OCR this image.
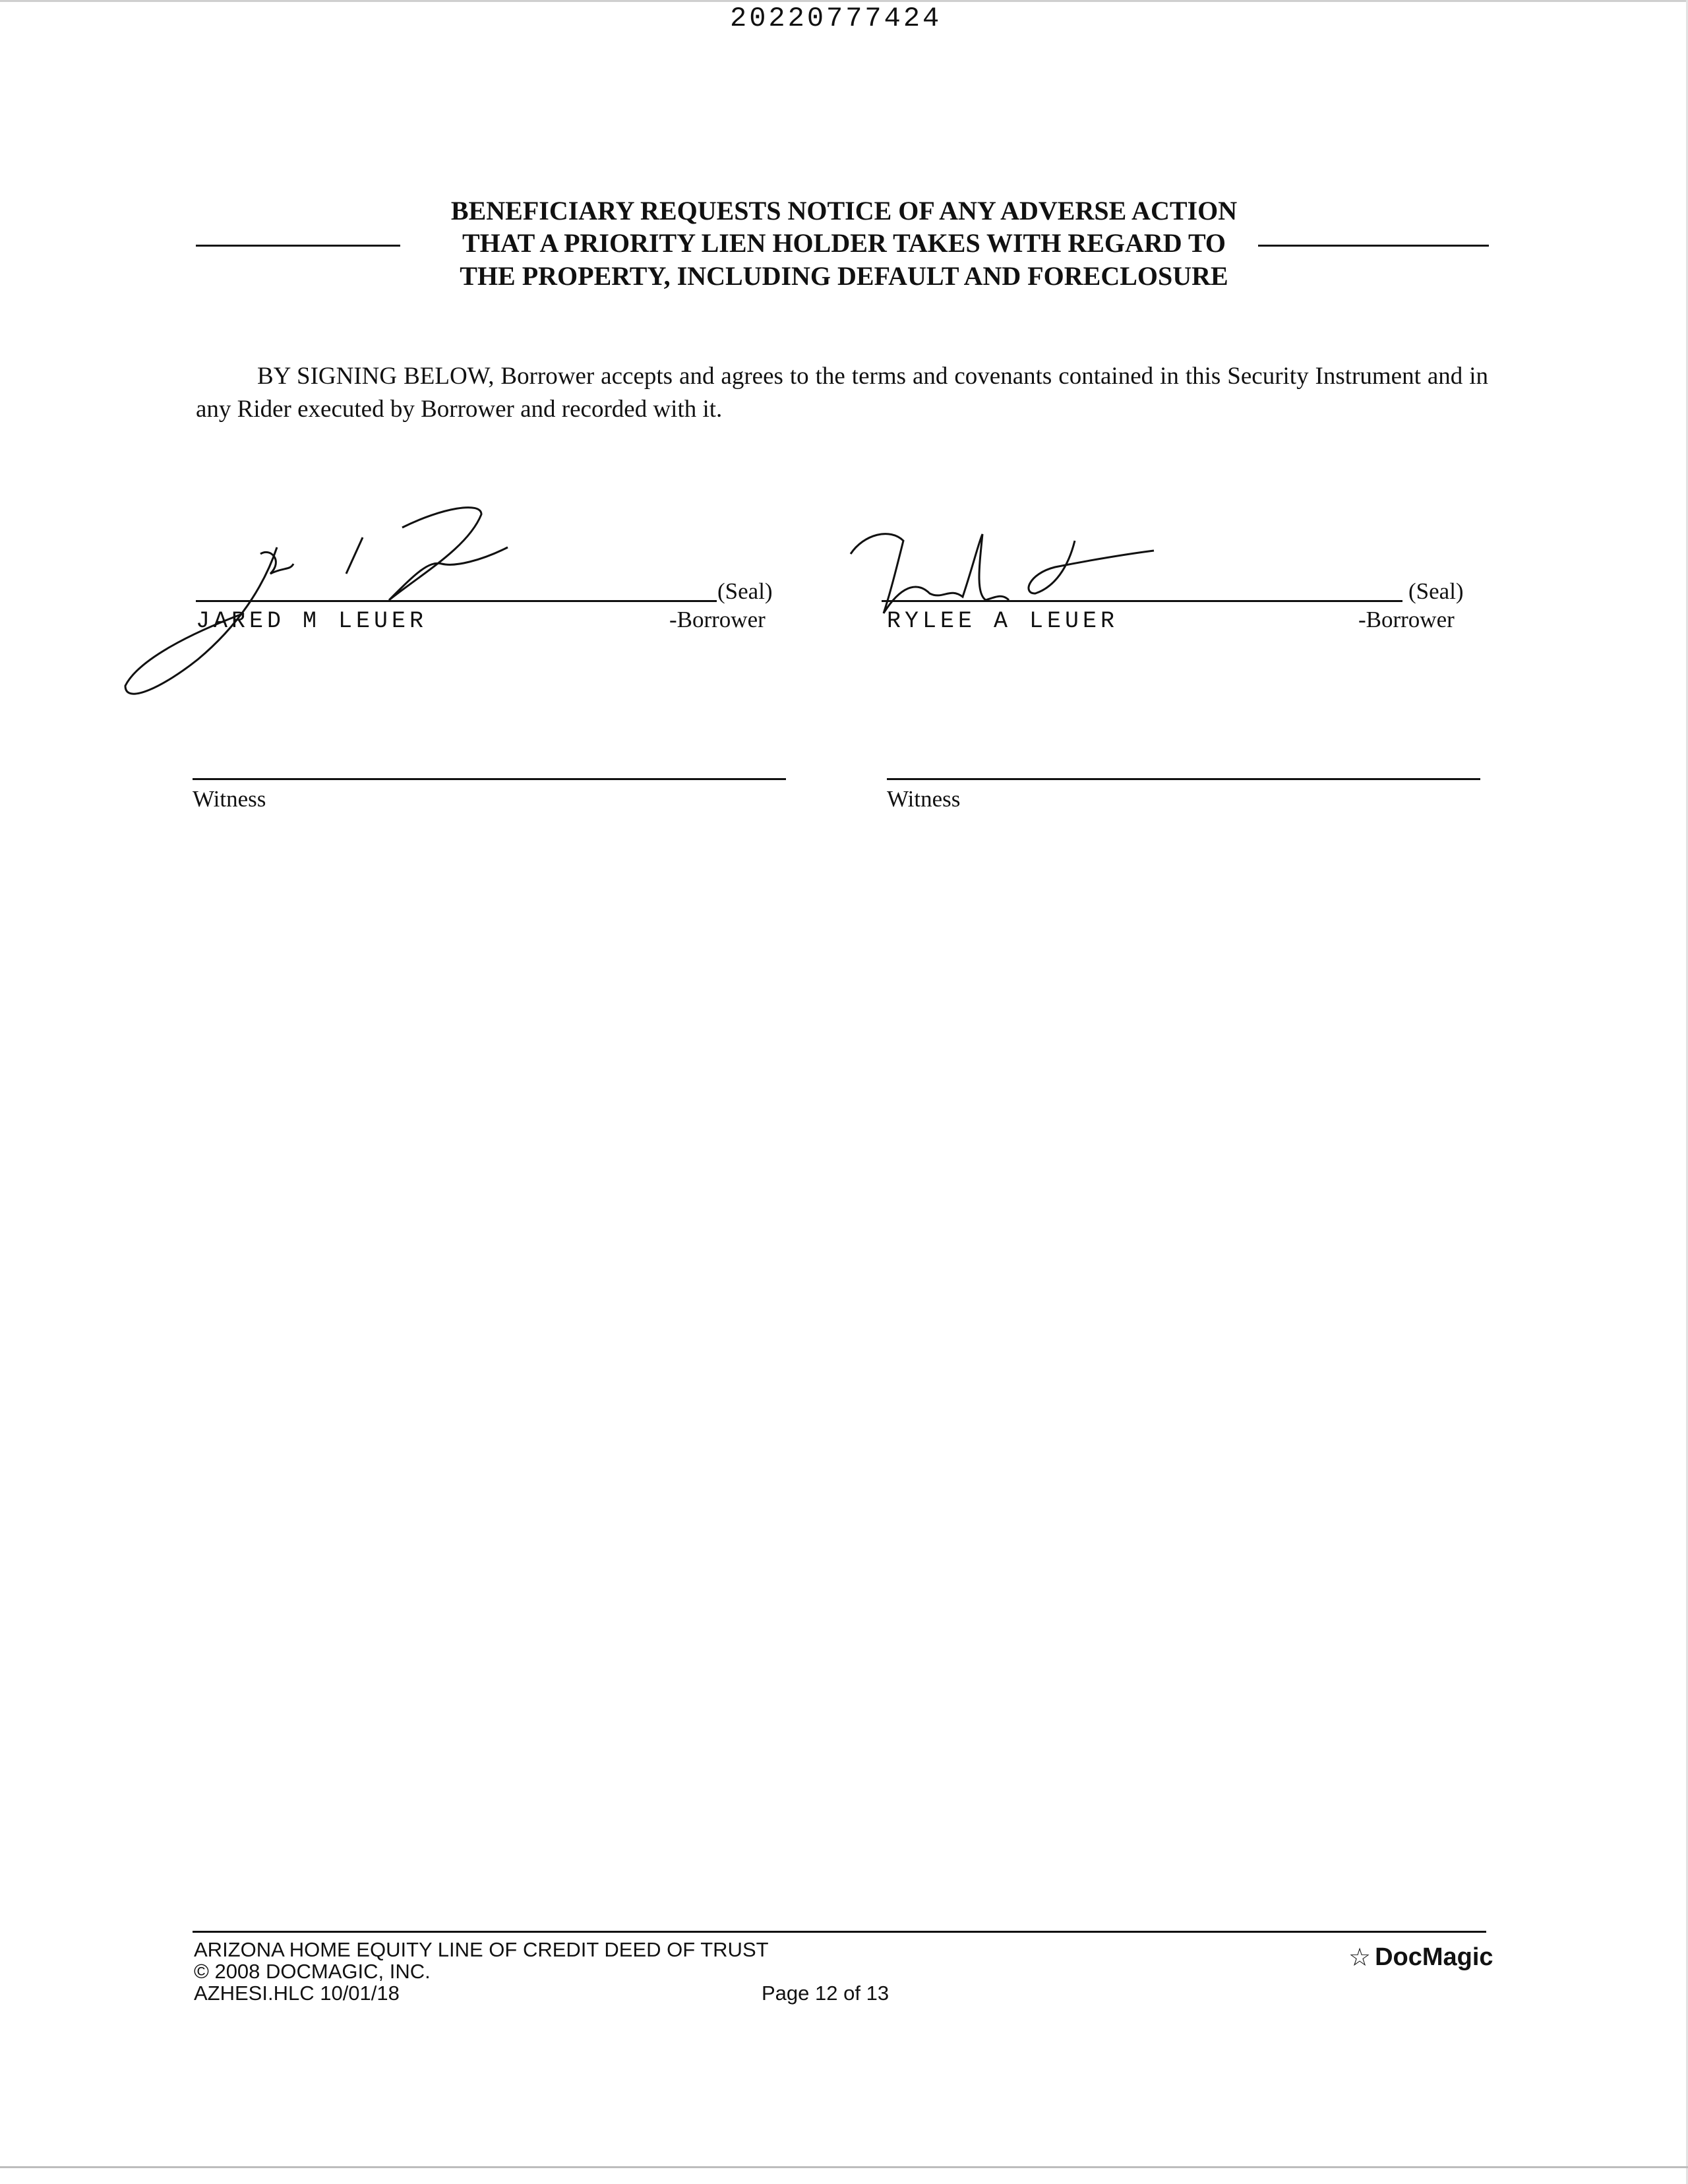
20220777424
BENEFICIARY REQUESTS NOTICE OF ANY ADVERSE ACTION
THAT A PRIORITY LIEN HOLDER TAKES WITH REGARD TO
THE PROPERTY, INCLUDING DEFAULT AND FORECLOSURE
BY SIGNING BELOW, Borrower accepts and agrees to the terms and covenants contained in this Security Instrument and in any Rider executed by Borrower and recorded with it.
(Seal)
JARED M LEUER	-Borrower
(Seal)
RYLEE A LEUER	-Borrower
Witness	Witness
ARIZONA HOME EQUITY LINE OF CREDIT DEED OF TRUST
© 2008 DOCMAGIC, INC.
AZHESI.HLC 10/01/18	Page 12 of 13
☆ DocMagic
